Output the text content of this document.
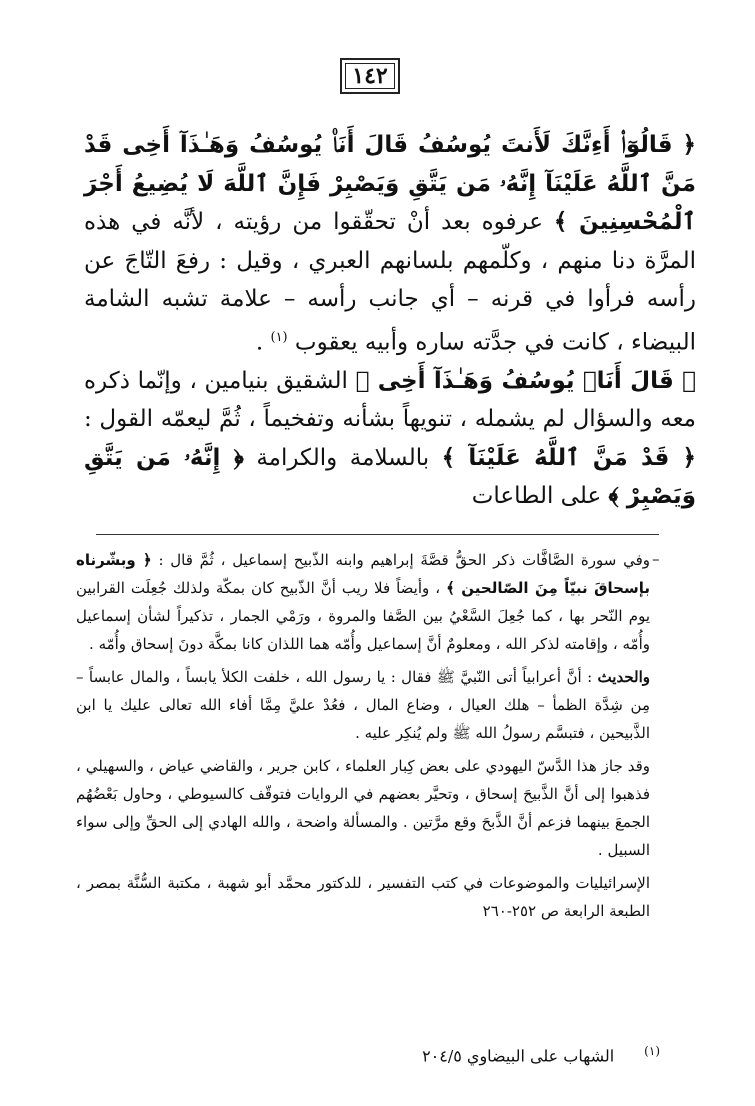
١٤٢

﴿ قَالُوٓا۟ أَءِنَّكَ لَأَنتَ يُوسُفُ قَالَ أَنَا۠ يُوسُفُ وَهَـٰذَآ أَخِى قَدْ مَنَّ ٱللَّهُ عَلَيْنَآ إِنَّهُۥ مَن يَتَّقِ وَيَصْبِرْ فَإِنَّ ٱللَّهَ لَا يُضِيعُ أَجْرَ ٱلْمُحْسِنِينَ ﴾ عرفوه بعد أنْ تحقّقوا من رؤيته ، لأنَّه في هذه المرَّة دنا منهم ، وكلّمهم بلسانهم العبري ، وقيل : رفعَ التّاجَ عن رأسه فرأوا في قرنه – أي جانب رأسه – علامة تشبه الشامة البيضاء ، كانت في جدَّته ساره وأبيه يعقوب $^{(١)}$ .

﴿ قَالَ أَنَا۠ يُوسُفُ وَهَـٰذَآ أَخِى ﴾ الشقيق بنيامين ، وإنّما ذكره معه والسؤال لم يشمله ، تنويهاً بشأنه وتفخيماً ، ثُمَّ ليعمّه القول : ﴿ قَدْ مَنَّ ٱللَّهُ عَلَيْنَآ ﴾ بالسلامة والكرامة ﴿ إِنَّهُۥ مَن يَتَّقِ وَيَصْبِرْ ﴾ على الطاعات

–

وفي سورة الصَّافَّات ذكر الحقُّ قصَّةَ إبراهيم وابنه الذّبيح إسماعيل ، ثُمَّ قال : ﴿ وبشّرناه بإسحاقَ نبيّاً مِنَ الصّالحين ﴾ ، وأيضاً فلا ريب أنَّ الذّبيح كان بمكّة ولذلك جُعِلَت القرابين يوم النّحر بها ، كما جُعِلَ السَّعْيُ بين الصَّفا والمروة ، ورَمْي الجمار ، تذكيراً لشأن إسماعيل وأُمّه ، وإقامته لذكر الله ، ومعلومٌ أنَّ إسماعيل وأُمّه هما اللذان كانا بمكَّة دونَ إسحاق وأُمّه .

والحديث : أنَّ أعرابياً أتى النّبيَّ ﷺ فقال : يا رسول الله ، خلفت الكلأ يابساً ، والمال عابساً – مِن شِدَّة الظمأ – هلك العيال ، وضاع المال ، فعُدْ عليَّ مِمَّا أفاء الله تعالى عليك يا ابن الذَّبيحين ، فتبسَّم رسولُ الله ﷺ ولم يُنكِر عليه .

وقد جاز هذا الدَّسّ اليهودي على بعض كِبار العلماء ، كابن جرير ، والقاضي عياض ، والسهيلي ، فذهبوا إلى أنَّ الذَّبيحَ إسحاق ، وتحيَّر بعضهم في الروايات فتوقّف كالسيوطي ، وحاول بَعْضُهُم الجمعَ بينهما فزعم أنَّ الذَّبحَ وقع مرَّتين . والمسألة واضحة ، والله الهادي إلى الحقِّ وإلى سواء السبيل .

الإسرائيليات والموضوعات في كتب التفسير ، للدكتور محمَّد أبو شهبة ، مكتبة السُّنَّة بمصر ، الطبعة الرابعة ص ٢٥٢-٢٦٠

(١)الشهاب على البيضاوي ٢٠٤/٥
